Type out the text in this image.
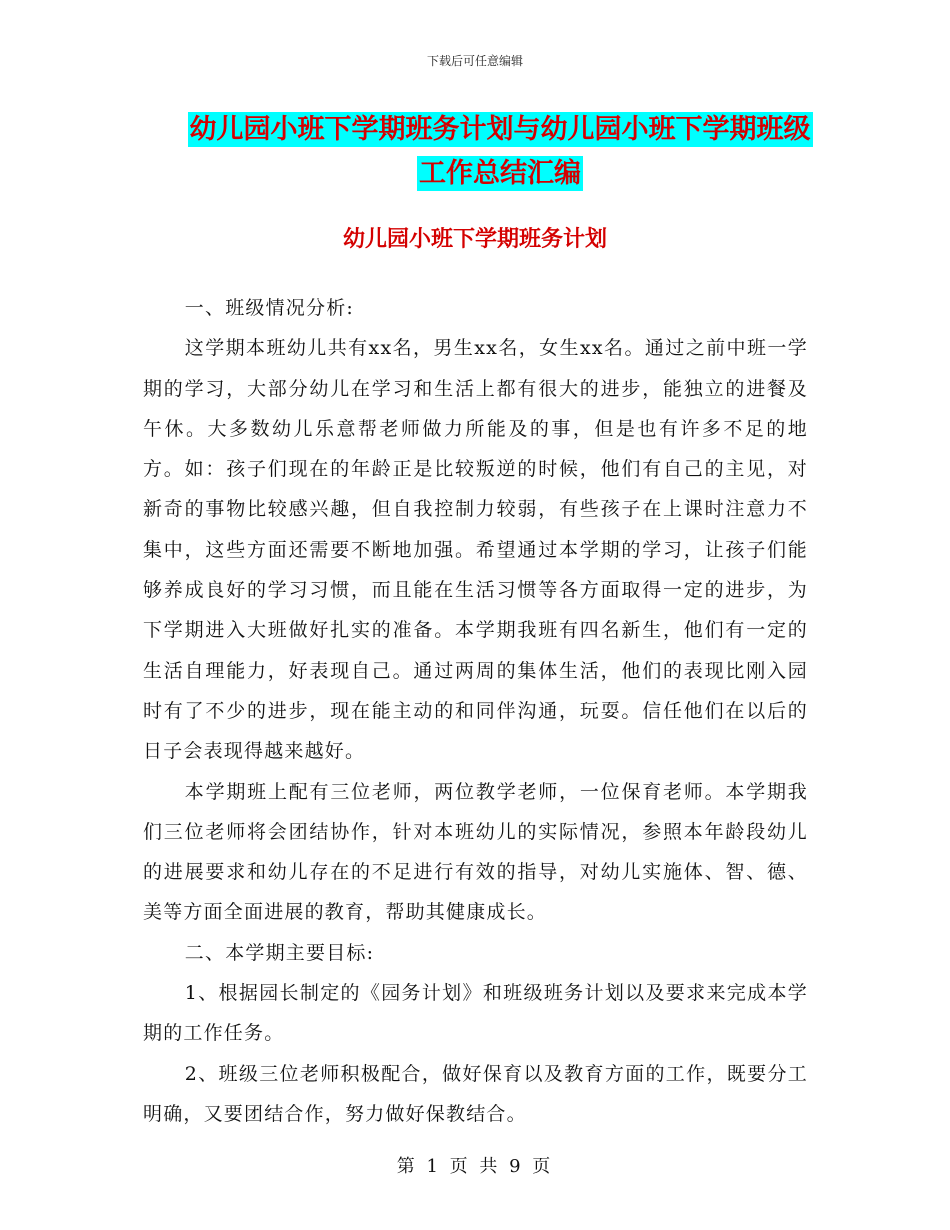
下载后可任意编辑
幼儿园小班下学期班务计划与幼儿园小班下学期班级
工作总结汇编
幼儿园小班下学期班务计划

一、班级情况分析:

这学期本班幼儿共有xx名，男生xx名，女生xx名。通过之前中班一学期的学习，大部分幼儿在学习和生活上都有很大的进步，能独立的进餐及午休。大多数幼儿乐意帮老师做力所能及的事，但是也有许多不足的地方。如：孩子们现在的年龄正是比较叛逆的时候，他们有自己的主见，对新奇的事物比较感兴趣，但自我控制力较弱，有些孩子在上课时注意力不集中，这些方面还需要不断地加强。希望通过本学期的学习，让孩子们能够养成良好的学习习惯，而且能在生活习惯等各方面取得一定的进步，为下学期进入大班做好扎实的准备。本学期我班有四名新生，他们有一定的生活自理能力，好表现自己。通过两周的集体生活，他们的表现比刚入园时有了不少的进步，现在能主动的和同伴沟通，玩耍。信任他们在以后的日子会表现得越来越好。

本学期班上配有三位老师，两位教学老师，一位保育老师。本学期我们三位老师将会团结协作，针对本班幼儿的实际情况，参照本年龄段幼儿的进展要求和幼儿存在的不足进行有效的指导，对幼儿实施体、智、德、美等方面全面进展的教育，帮助其健康成长。

二、本学期主要目标:

1、根据园长制定的《园务计划》和班级班务计划以及要求来完成本学期的工作任务。

2、班级三位老师积极配合，做好保育以及教育方面的工作，既要分工明确，又要团结合作，努力做好保教结合。

第 1 页 共 9 页
